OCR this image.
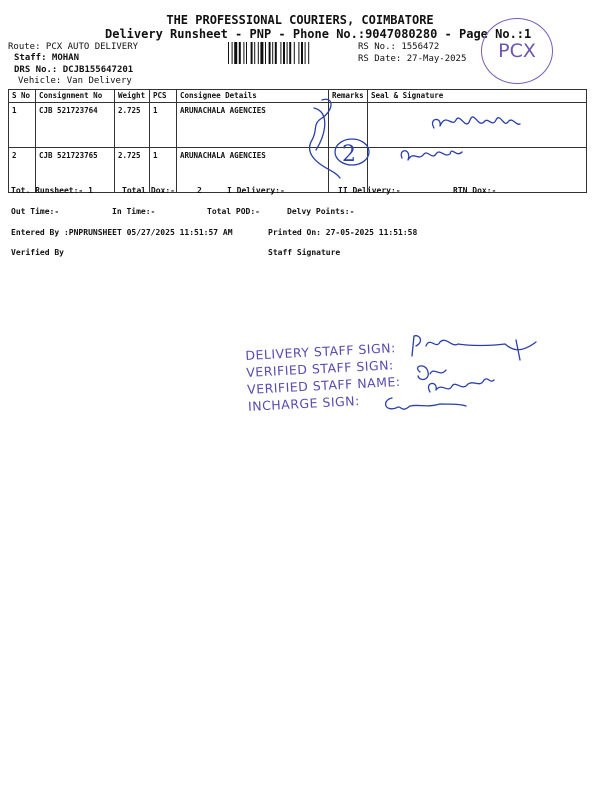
THE PROFESSIONAL COURIERS, COIMBATORE
Delivery Runsheet - PNP - Phone No.:9047080280 - Page No.:1
Route: PCX AUTO DELIVERY
Staff: MOHAN
DRS No.: DCJB155647201
Vehicle: Van Delivery
RS No.: 1556472
RS Date: 27-May-2025	PCX
S No	Consignment No	Weight	PCS	Consignee Details	Remarks	Seal & Signature
1	CJB 521723764	2.725	1	ARUNACHALA AGENCIES		
2	CJB 521723765	2.725	1	ARUNACHALA AGENCIES		
Tot. Runsheet:- 1	Total Dox:-	2	I Delivery:-	II Delivery:-	RTN Dox:-
Out Time:-	In Time:-	Total POD:-	Delvy Points:-
Entered By :PNPRUNSHEET 05/27/2025 11:51:57 AM	Printed On: 27-05-2025 11:51:58
Verified By	Staff Signature
DELIVERY STAFF SIGN:
VERIFIED STAFF SIGN:
VERIFIED STAFF NAME:
INCHARGE SIGN:
2
